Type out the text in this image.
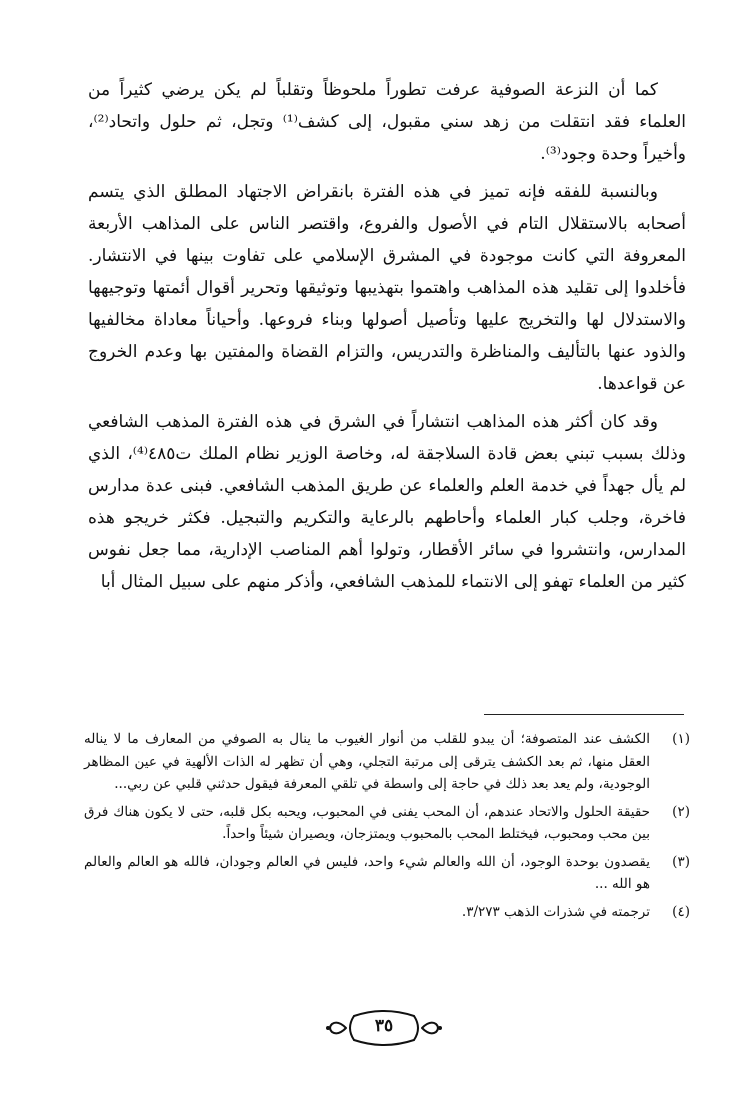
كما أن النزعة الصوفية عرفت تطوراً ملحوظاً وتقلباً لم يكن يرضي كثيراً من العلماء فقد انتقلت من زهد سني مقبول، إلى كشف⁽¹⁾ وتجل، ثم حلول واتحاد⁽²⁾، وأخيراً وحدة وجود⁽³⁾.

وبالنسبة للفقه فإنه تميز في هذه الفترة بانقراض الاجتهاد المطلق الذي يتسم أصحابه بالاستقلال التام في الأصول والفروع، واقتصر الناس على المذاهب الأربعة المعروفة التي كانت موجودة في المشرق الإسلامي على تفاوت بينها في الانتشار. فأخلدوا إلى تقليد هذه المذاهب واهتموا بتهذيبها وتوثيقها وتحرير أقوال أئمتها وتوجيهها والاستدلال لها والتخريج عليها وتأصيل أصولها وبناء فروعها. وأحياناً معاداة مخالفيها والذود عنها بالتأليف والمناظرة والتدريس، والتزام القضاة والمفتين بها وعدم الخروج عن قواعدها.

وقد كان أكثر هذه المذاهب انتشاراً في الشرق في هذه الفترة المذهب الشافعي وذلك بسبب تبني بعض قادة السلاجقة له، وخاصة الوزير نظام الملك ت٤٨٥⁽⁴⁾، الذي لم يأل جهداً في خدمة العلم والعلماء عن طريق المذهب الشافعي. فبنى عدة مدارس فاخرة، وجلب كبار العلماء وأحاطهم بالرعاية والتكريم والتبجيل. فكثر خريجو هذه المدارس، وانتشروا في سائر الأقطار، وتولوا أهم المناصب الإدارية، مما جعل نفوس كثير من العلماء تهفو إلى الانتماء للمذهب الشافعي، وأذكر منهم على سبيل المثال أبا

(١)
الكشف عند المتصوفة؛ أن يبدو للقلب من أنوار الغيوب ما ينال به الصوفي من المعارف ما لا يناله العقل منها، ثم بعد الكشف يترقى إلى مرتبة التجلي، وهي أن تظهر له الذات الألهية في عين المظاهر الوجودية، ولم يعد بعد ذلك في حاجة إلى واسطة في تلقي المعرفة فيقول حدثني قلبي عن ربي...
(٢)
حقيقة الحلول والاتحاد عندهم، أن المحب يفنى في المحبوب، ويحبه بكل قلبه، حتى لا يكون هناك فرق بين محب ومحبوب، فيختلط المحب بالمحبوب ويمتزجان، ويصيران شيئاً واحداً.
(٣)
يقصدون بوحدة الوجود، أن الله والعالم شيء واحد، فليس في العالم وجودان، فالله هو العالم والعالم هو الله ...
(٤)
ترجمته في شذرات الذهب ٣/٢٧٣.
٣٥
